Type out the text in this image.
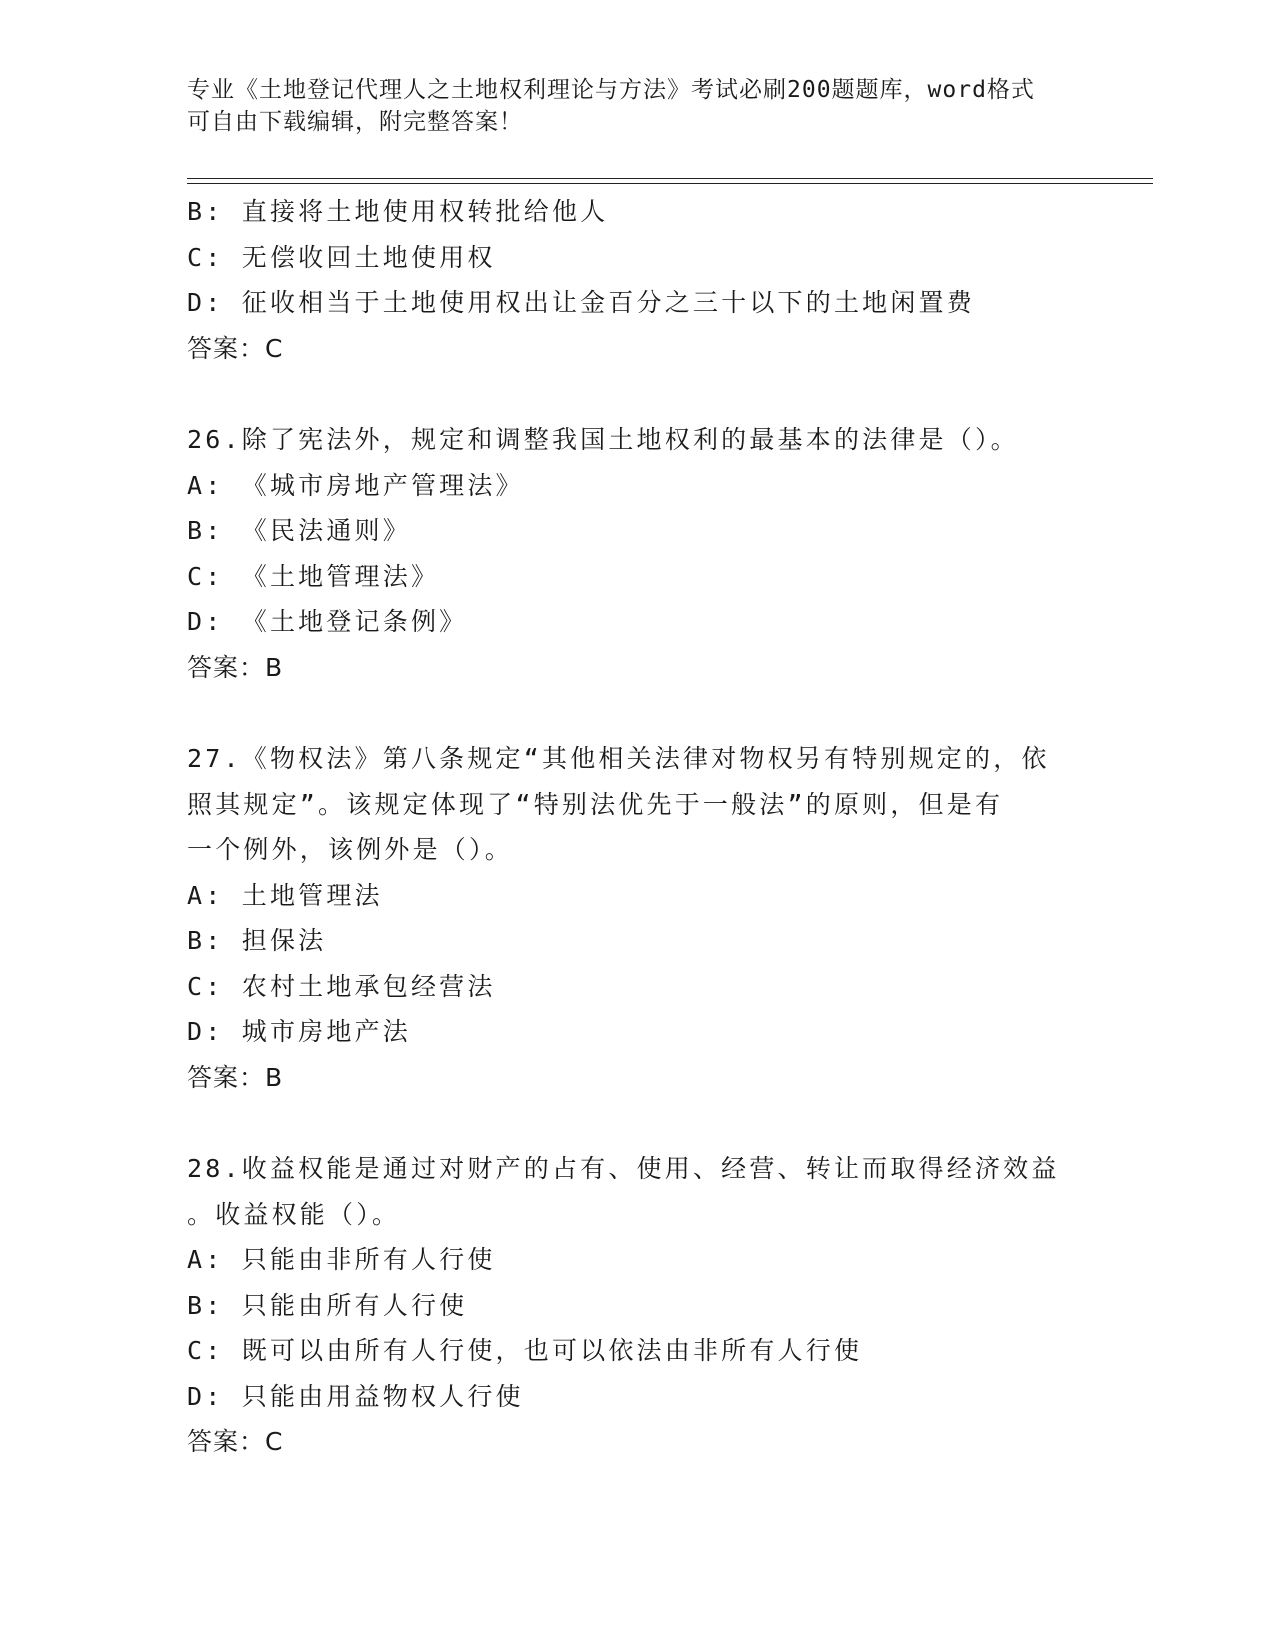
专业《土地登记代理人之土地权利理论与方法》考试必刷200题题库，word格式
可自由下载编辑，附完整答案！
B: 直接将土地使用权转批给他人
C: 无偿收回土地使用权
D: 征收相当于土地使用权出让金百分之三十以下的土地闲置费
答案：C
26.除了宪法外，规定和调整我国土地权利的最基本的法律是（）。
A: 《城市房地产管理法》
B: 《民法通则》
C: 《土地管理法》
D: 《土地登记条例》
答案：B
27.《物权法》第八条规定“其他相关法律对物权另有特别规定的，依
照其规定”。该规定体现了“特别法优先于一般法”的原则，但是有
一个例外，该例外是（）。
A: 土地管理法
B: 担保法
C: 农村土地承包经营法
D: 城市房地产法
答案：B
28.收益权能是通过对财产的占有、使用、经营、转让而取得经济效益
。收益权能（）。
A: 只能由非所有人行使
B: 只能由所有人行使
C: 既可以由所有人行使，也可以依法由非所有人行使
D: 只能由用益物权人行使
答案：C
